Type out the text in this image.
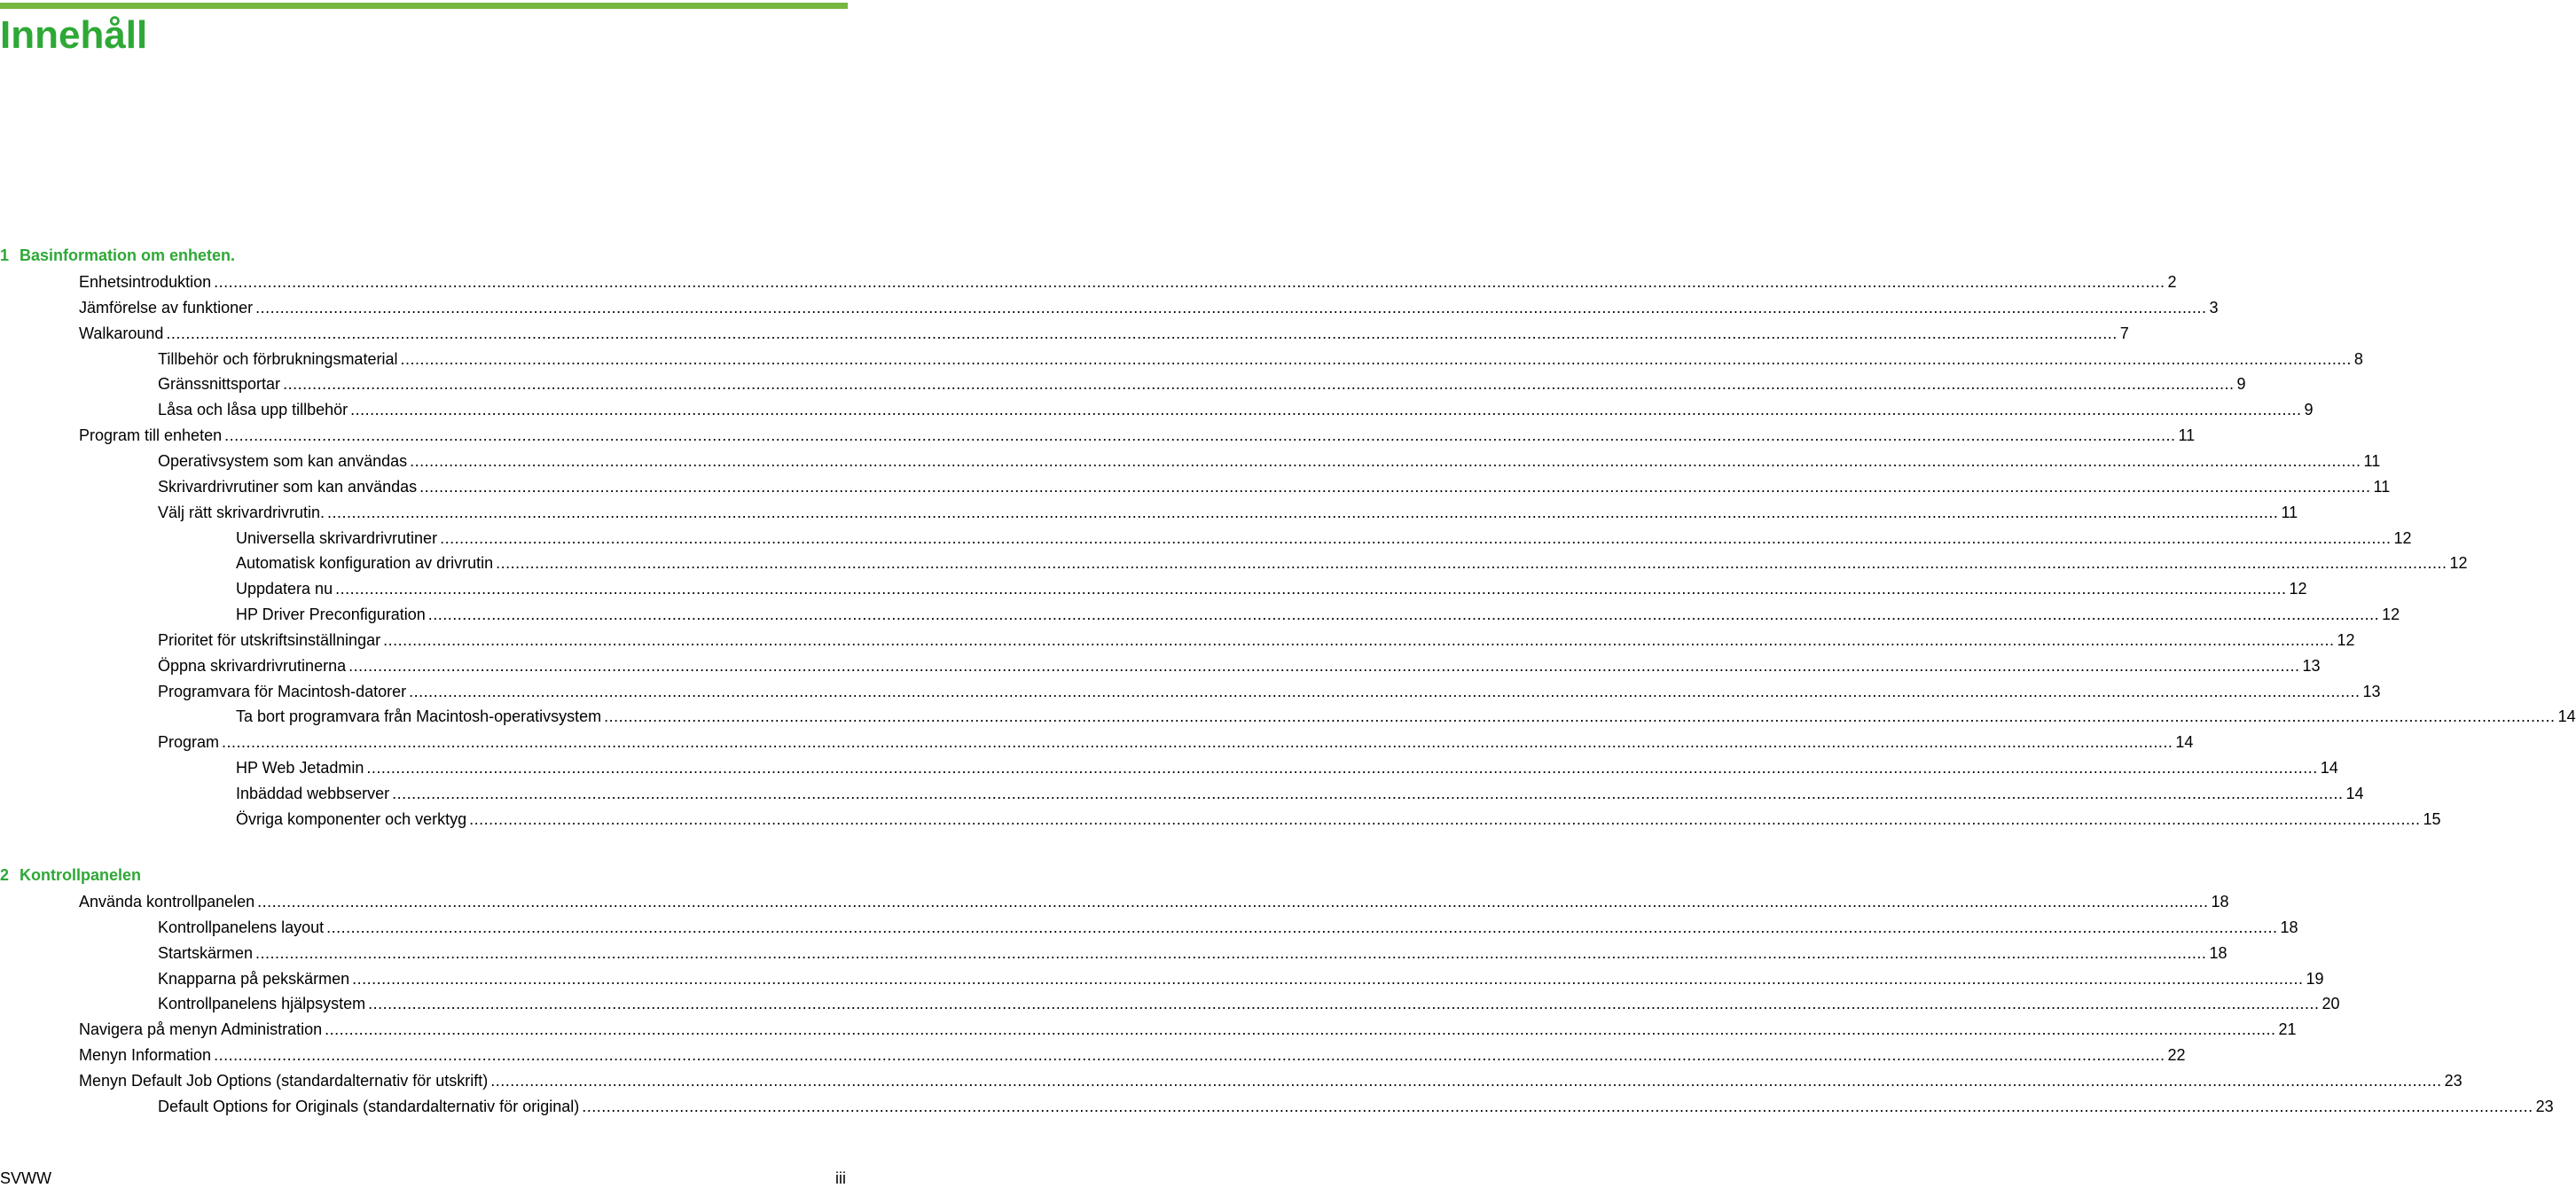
Innehåll
1 Basinformation om enheten.
Enhetsintroduktion ................................................................................................................................................................................................................................................................................................................................................................................................................ 2
Jämförelse av funktioner ................................................................................................................................................................................................................................................................................................................................................................................................................ 3
Walkaround ................................................................................................................................................................................................................................................................................................................................................................................................................ 7
Tillbehör och förbrukningsmaterial ................................................................................................................................................................................................................................................................................................................................................................................................................ 8
Gränssnittsportar ................................................................................................................................................................................................................................................................................................................................................................................................................ 9
Låsa och låsa upp tillbehör ................................................................................................................................................................................................................................................................................................................................................................................................................ 9
Program till enheten ................................................................................................................................................................................................................................................................................................................................................................................................................ 11
Operativsystem som kan användas ................................................................................................................................................................................................................................................................................................................................................................................................................ 11
Skrivardrivrutiner som kan användas ................................................................................................................................................................................................................................................................................................................................................................................................................ 11
Välj rätt skrivardrivrutin. ................................................................................................................................................................................................................................................................................................................................................................................................................ 11
Universella skrivardrivrutiner ................................................................................................................................................................................................................................................................................................................................................................................................................ 12
Automatisk konfiguration av drivrutin ................................................................................................................................................................................................................................................................................................................................................................................................................ 12
Uppdatera nu ................................................................................................................................................................................................................................................................................................................................................................................................................ 12
HP Driver Preconfiguration ................................................................................................................................................................................................................................................................................................................................................................................................................ 12
Prioritet för utskriftsinställningar ................................................................................................................................................................................................................................................................................................................................................................................................................ 12
Öppna skrivardrivrutinerna ................................................................................................................................................................................................................................................................................................................................................................................................................ 13
Programvara för Macintosh-datorer ................................................................................................................................................................................................................................................................................................................................................................................................................ 13
Ta bort programvara från Macintosh-operativsystem ................................................................................................................................................................................................................................................................................................................................................................................................................ 14
Program ................................................................................................................................................................................................................................................................................................................................................................................................................ 14
HP Web Jetadmin ................................................................................................................................................................................................................................................................................................................................................................................................................ 14
Inbäddad webbserver ................................................................................................................................................................................................................................................................................................................................................................................................................ 14
Övriga komponenter och verktyg ................................................................................................................................................................................................................................................................................................................................................................................................................ 15
2 Kontrollpanelen
Använda kontrollpanelen ................................................................................................................................................................................................................................................................................................................................................................................................................ 18
Kontrollpanelens layout ................................................................................................................................................................................................................................................................................................................................................................................................................ 18
Startskärmen ................................................................................................................................................................................................................................................................................................................................................................................................................ 18
Knapparna på pekskärmen ................................................................................................................................................................................................................................................................................................................................................................................................................ 19
Kontrollpanelens hjälpsystem ................................................................................................................................................................................................................................................................................................................................................................................................................ 20
Navigera på menyn Administration ................................................................................................................................................................................................................................................................................................................................................................................................................ 21
Menyn Information ................................................................................................................................................................................................................................................................................................................................................................................................................ 22
Menyn Default Job Options (standardalternativ för utskrift) ................................................................................................................................................................................................................................................................................................................................................................................................................ 23
Default Options for Originals (standardalternativ för original) ................................................................................................................................................................................................................................................................................................................................................................................................................ 23
SVWW	iii
